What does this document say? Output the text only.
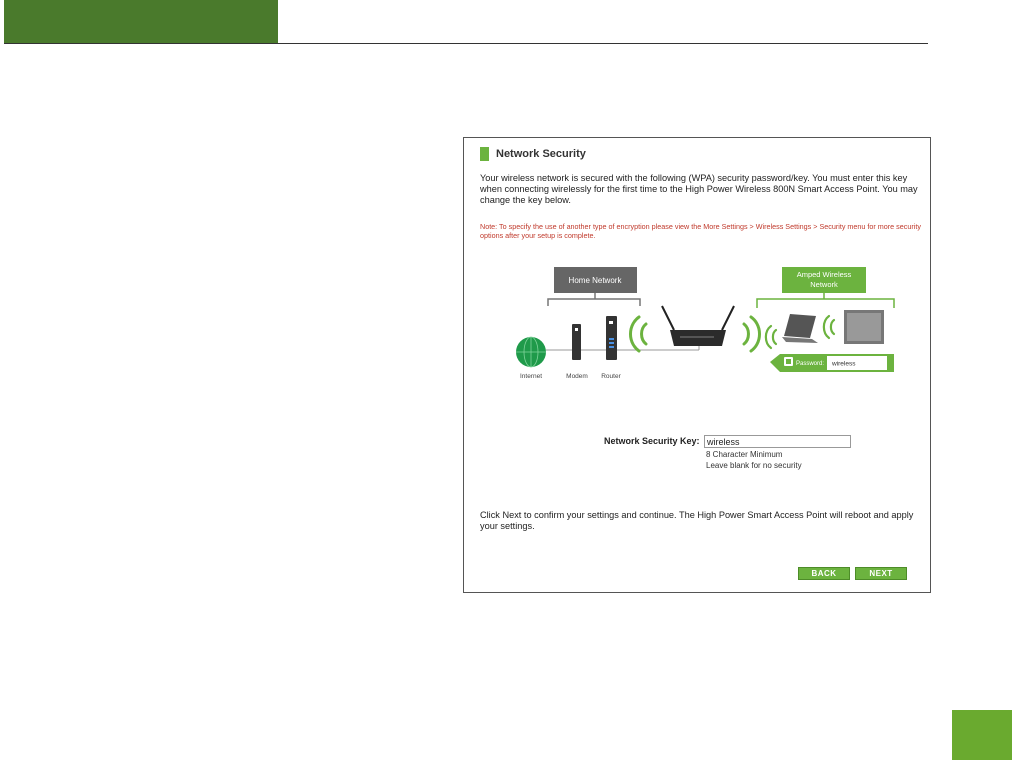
Network Security
Your wireless network is secured with the following (WPA) security password/key. You must enter this key when connecting wirelessly for the first time to the High Power Wireless 800N Smart Access Point. You may change the key below.
Note: To specify the use of another type of encryption please view the More Settings > Wireless Settings > Security menu for more security options after your setup is complete.
Home Network
Amped Wireless
Network
Internet	Modem Router
Password: wireless
Network Security Key:
wireless
8 Character Minimum
Leave blank for no security
Click Next to confirm your settings and continue. The High Power Smart Access Point will reboot and apply your settings.
BACK	NEXT
